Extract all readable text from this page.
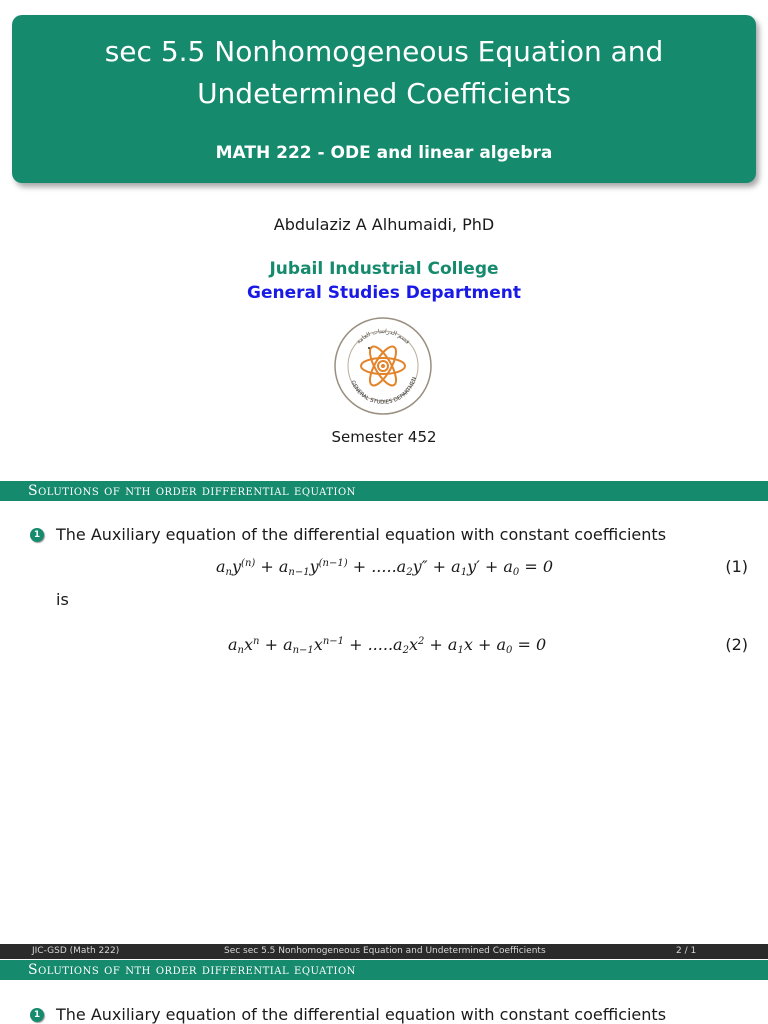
sec 5.5 Nonhomogeneous Equation and
Undetermined Coefficients
MATH 222 - ODE and linear algebra
Abdulaziz A Alhumaidi, PhD
Jubail Industrial College
General Studies Department
GENERAL STUDIES DEPARTMEN
قسم الدراسات العامة
Semester 452
Solutions of nth order differential equation
1 The Auxiliary equation of the differential equation with constant coefficients
$a_ny^{(n)} + a_{n-1}y^{(n-1)} + .....a_2y'' + a_1y' + a_0 = 0$	(1)
is
$a_nx^n + a_{n-1}x^{n-1} + .....a_2x^2 + a_1x + a_0 = 0$	(2)
JIC-GSD (Math 222)	Sec sec 5.5 Nonhomogeneous Equation and Undetermined Coefficients	2 / 1
Solutions of nth order differential equation
1 The Auxiliary equation of the differential equation with constant coefficients
